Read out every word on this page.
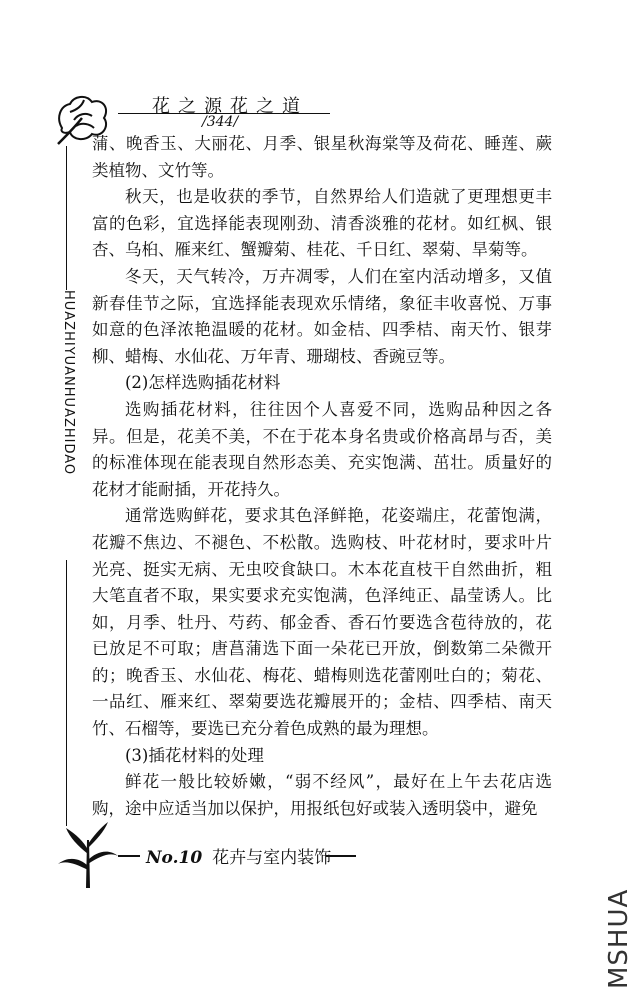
花之源花之道
/344/
HUAZHIYUANHUAZHIDAO

蒲、晚香玉、大丽花、月季、银星秋海棠等及荷花、睡莲、蕨类植物、文竹等。

秋天，也是收获的季节，自然界给人们造就了更理想更丰富的色彩，宜选择能表现刚劲、清香淡雅的花材。如红枫、银杏、乌桕、雁来红、蟹瓣菊、桂花、千日红、翠菊、旱菊等。

冬天，天气转冷，万卉凋零，人们在室内活动增多，又值新春佳节之际，宜选择能表现欢乐情绪，象征丰收喜悦、万事如意的色泽浓艳温暖的花材。如金桔、四季桔、南天竹、银芽柳、蜡梅、水仙花、万年青、珊瑚枝、香豌豆等。

(2)怎样选购插花材料

选购插花材料，往往因个人喜爱不同，选购品种因之各异。但是，花美不美，不在于花本身名贵或价格高昂与否，美的标准体现在能表现自然形态美、充实饱满、茁壮。质量好的花材才能耐插，开花持久。

通常选购鲜花，要求其色泽鲜艳，花姿端庄，花蕾饱满，花瓣不焦边、不褪色、不松散。选购枝、叶花材时，要求叶片光亮、挺实无病、无虫咬食缺口。木本花直枝干自然曲折，粗大笔直者不取，果实要求充实饱满，色泽纯正、晶莹诱人。比如，月季、牡丹、芍药、郁金香、香石竹要选含苞待放的，花已放足不可取；唐菖蒲选下面一朵花已开放，倒数第二朵微开的；晚香玉、水仙花、梅花、蜡梅则选花蕾刚吐白的；菊花、一品红、雁来红、翠菊要选花瓣展开的；金桔、四季桔、南天竹、石榴等，要选已充分着色成熟的最为理想。

(3)插花材料的处理

鲜花一般比较娇嫩，“弱不经风”，最好在上午去花店选购，途中应适当加以保护，用报纸包好或装入透明袋中，避免

No.10 花卉与室内装饰
MSHUA
